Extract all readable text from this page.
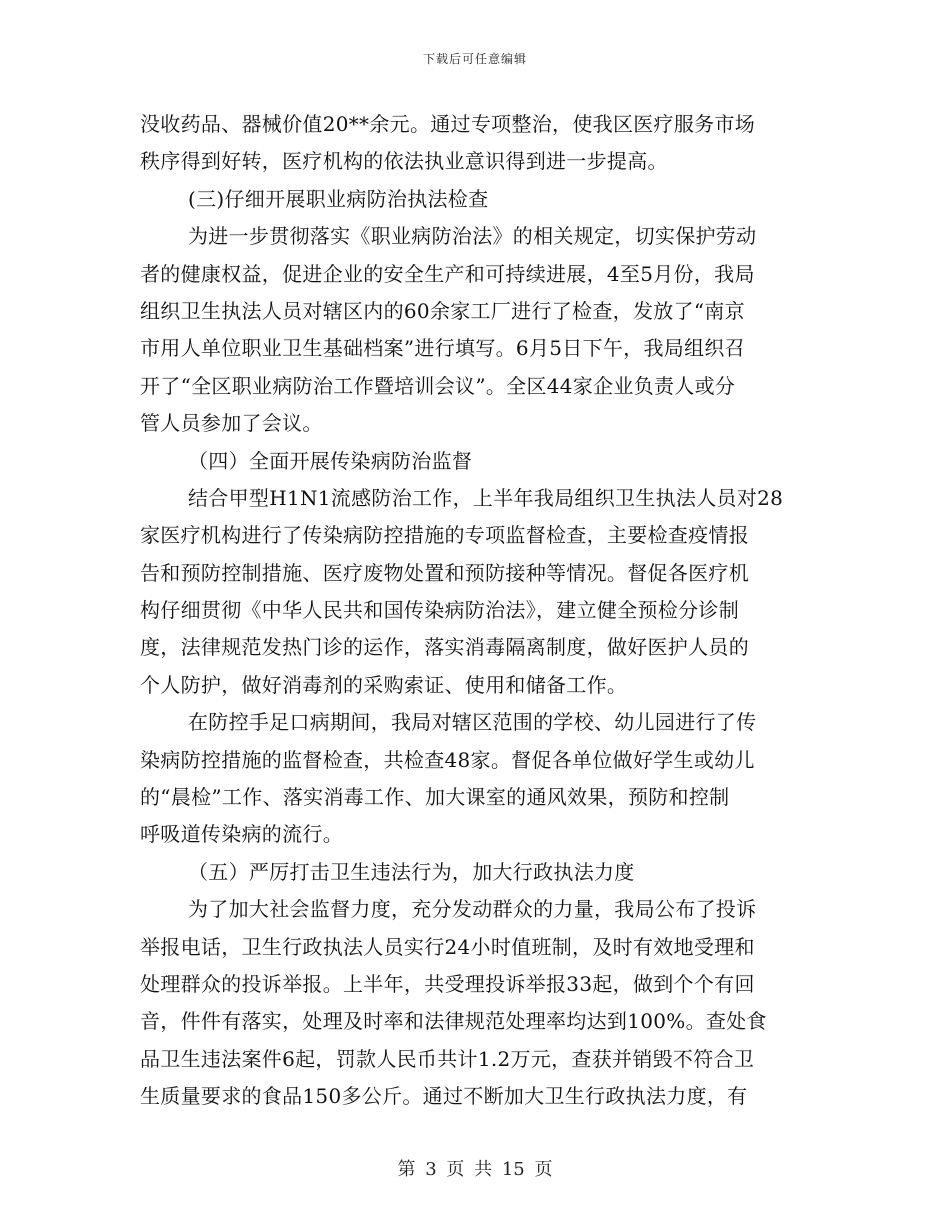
下载后可任意编辑
没收药品、器械价值20**余元。通过专项整治，使我区医疗服务市场
秩序得到好转，医疗机构的依法执业意识得到进一步提高。
(三)仔细开展职业病防治执法检查
为进一步贯彻落实《职业病防治法》的相关规定，切实保护劳动
者的健康权益，促进企业的安全生产和可持续进展，4至5月份，我局
组织卫生执法人员对辖区内的60余家工厂进行了检查，发放了“南京
市用人单位职业卫生基础档案”进行填写。6月5日下午，我局组织召
开了“全区职业病防治工作暨培训会议”。全区44家企业负责人或分
管人员参加了会议。
（四）全面开展传染病防治监督
结合甲型H1N1流感防治工作，上半年我局组织卫生执法人员对28
家医疗机构进行了传染病防控措施的专项监督检查，主要检查疫情报
告和预防控制措施、医疗废物处置和预防接种等情况。督促各医疗机
构仔细贯彻《中华人民共和国传染病防治法》，建立健全预检分诊制
度，法律规范发热门诊的运作，落实消毒隔离制度，做好医护人员的
个人防护，做好消毒剂的采购索证、使用和储备工作。
在防控手足口病期间，我局对辖区范围的学校、幼儿园进行了传
染病防控措施的监督检查，共检查48家。督促各单位做好学生或幼儿
的“晨检”工作、落实消毒工作、加大课室的通风效果，预防和控制
呼吸道传染病的流行。
（五）严厉打击卫生违法行为，加大行政执法力度
为了加大社会监督力度，充分发动群众的力量，我局公布了投诉
举报电话，卫生行政执法人员实行24小时值班制，及时有效地受理和
处理群众的投诉举报。上半年，共受理投诉举报33起，做到个个有回
音，件件有落实，处理及时率和法律规范处理率均达到100%。查处食
品卫生违法案件6起，罚款人民币共计1.2万元，查获并销毁不符合卫
生质量要求的食品150多公斤。通过不断加大卫生行政执法力度，有
第 3 页 共 15 页
